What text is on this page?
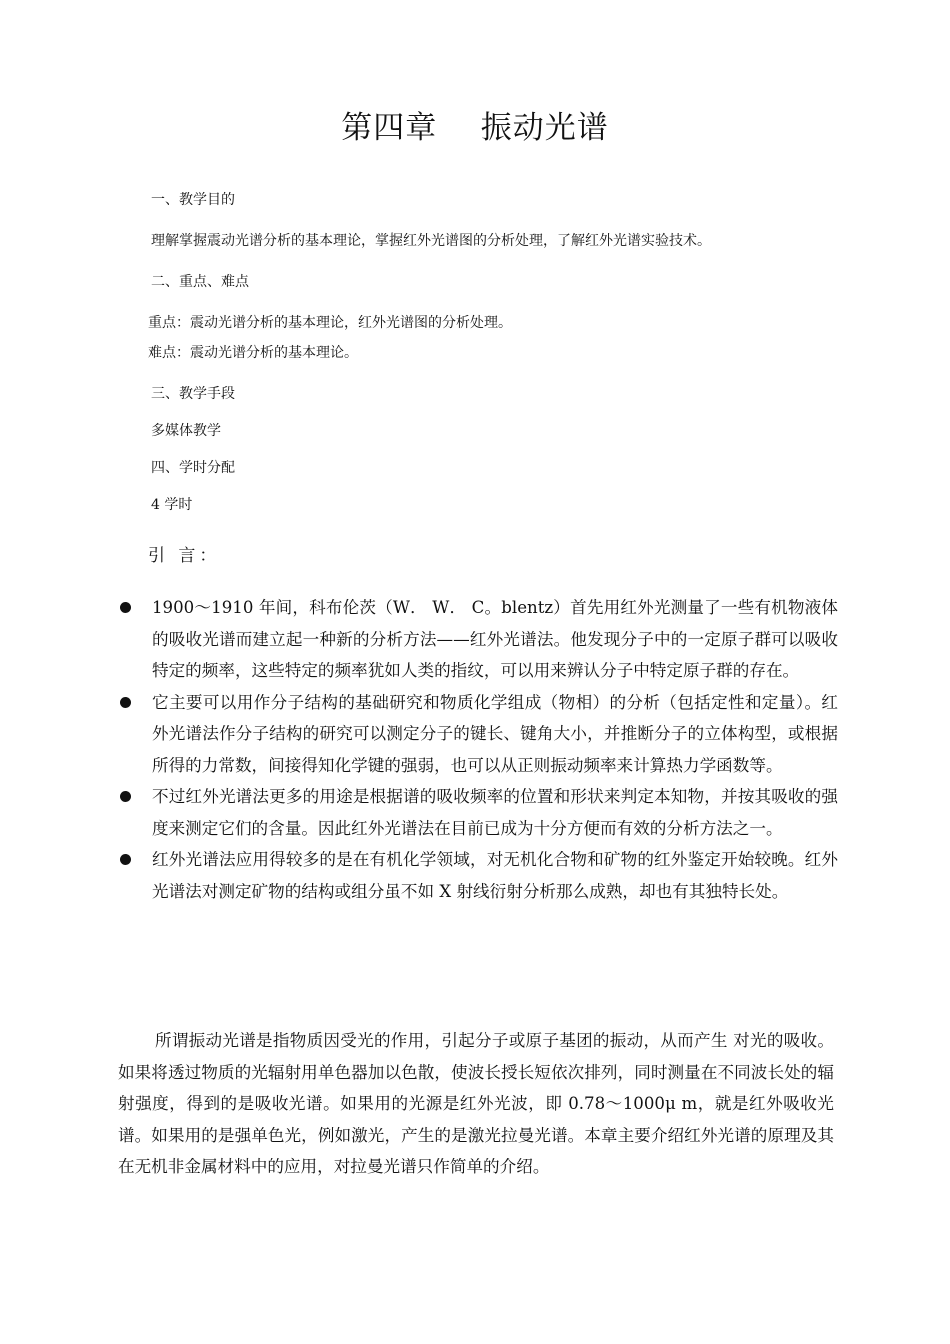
第四章    振动光谱
一、教学目的
理解掌握震动光谱分析的基本理论，掌握红外光谱图的分析处理，了解红外光谱实验技术。
二、重点、难点
重点：震动光谱分析的基本理论，红外光谱图的分析处理。
难点：震动光谱分析的基本理论。
三、教学手段
多媒体教学
四、学时分配
4 学时
引 言：
1900～1910 年间，科布伦茨（W． W． C。blentz）首先用红外光测量了一些有机物液体的吸收光谱而建立起一种新的分析方法——红外光谱法。他发现分子中的一定原子群可以吸收特定的频率，这些特定的频率犹如人类的指纹，可以用来辨认分子中特定原子群的存在。
它主要可以用作分子结构的基础研究和物质化学组成（物相）的分析（包括定性和定量）。红外光谱法作分子结构的研究可以测定分子的键长、键角大小，并推断分子的立体构型，或根据所得的力常数，间接得知化学键的强弱，也可以从正则振动频率来计算热力学函数等。
不过红外光谱法更多的用途是根据谱的吸收频率的位置和形状来判定本知物，并按其吸收的强度来测定它们的含量。因此红外光谱法在目前已成为十分方便而有效的分析方法之一。
红外光谱法应用得较多的是在有机化学领域，对无机化合物和矿物的红外鉴定开始较晚。红外光谱法对测定矿物的结构或组分虽不如 X 射线衍射分析那么成熟，却也有其独特长处。

所谓振动光谱是指物质因受光的作用，引起分子或原子基团的振动，从而产生 对光的吸收。如果将透过物质的光辐射用单色器加以色散，使波长授长短依次排列，同时测量在不同波长处的辐射强度，得到的是吸收光谱。如果用的光源是红外光波，即 0.78～1000μ m，就是红外吸收光谱。如果用的是强单色光，例如激光，产生的是激光拉曼光谱。本章主要介绍红外光谱的原理及其在无机非金属材料中的应用，对拉曼光谱只作简单的介绍。
